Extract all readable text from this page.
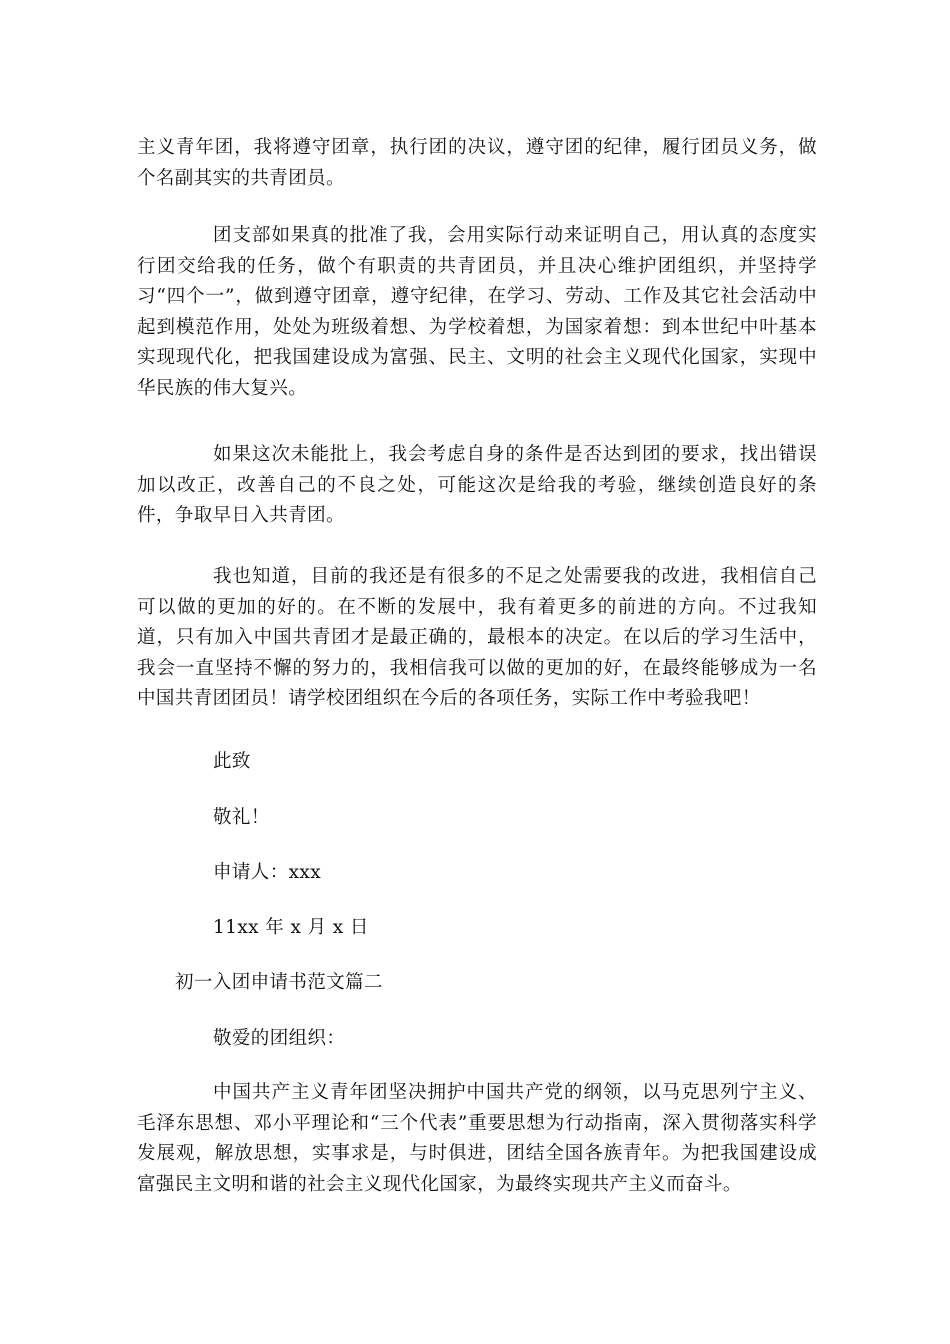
主义青年团，我将遵守团章，执行团的决议，遵守团的纪律，履行团员义务，做个名副其实的共青团员。

团支部如果真的批准了我，会用实际行动来证明自己，用认真的态度实行团交给我的任务，做个有职责的共青团员，并且决心维护团组织，并坚持学习“四个一”，做到遵守团章，遵守纪律，在学习、劳动、工作及其它社会活动中起到模范作用，处处为班级着想、为学校着想，为国家着想：到本世纪中叶基本实现现代化，把我国建设成为富强、民主、文明的社会主义现代化国家，实现中华民族的伟大复兴。

如果这次未能批上，我会考虑自身的条件是否达到团的要求，找出错误加以改正，改善自己的不良之处，可能这次是给我的考验，继续创造良好的条件，争取早日入共青团。

我也知道，目前的我还是有很多的不足之处需要我的改进，我相信自己可以做的更加的好的。在不断的发展中，我有着更多的前进的方向。不过我知道，只有加入中国共青团才是最正确的，最根本的决定。在以后的学习生活中，我会一直坚持不懈的努力的，我相信我可以做的更加的好，在最终能够成为一名中国共青团团员！请学校团组织在今后的各项任务，实际工作中考验我吧！

此致

敬礼！

申请人：xxx

11xx 年 x 月 x 日

初一入团申请书范文篇二

敬爱的团组织：

中国共产主义青年团坚决拥护中国共产党的纲领，以马克思列宁主义、毛泽东思想、邓小平理论和“三个代表”重要思想为行动指南，深入贯彻落实科学发展观，解放思想，实事求是，与时俱进，团结全国各族青年。为把我国建设成富强民主文明和谐的社会主义现代化国家，为最终实现共产主义而奋斗。
